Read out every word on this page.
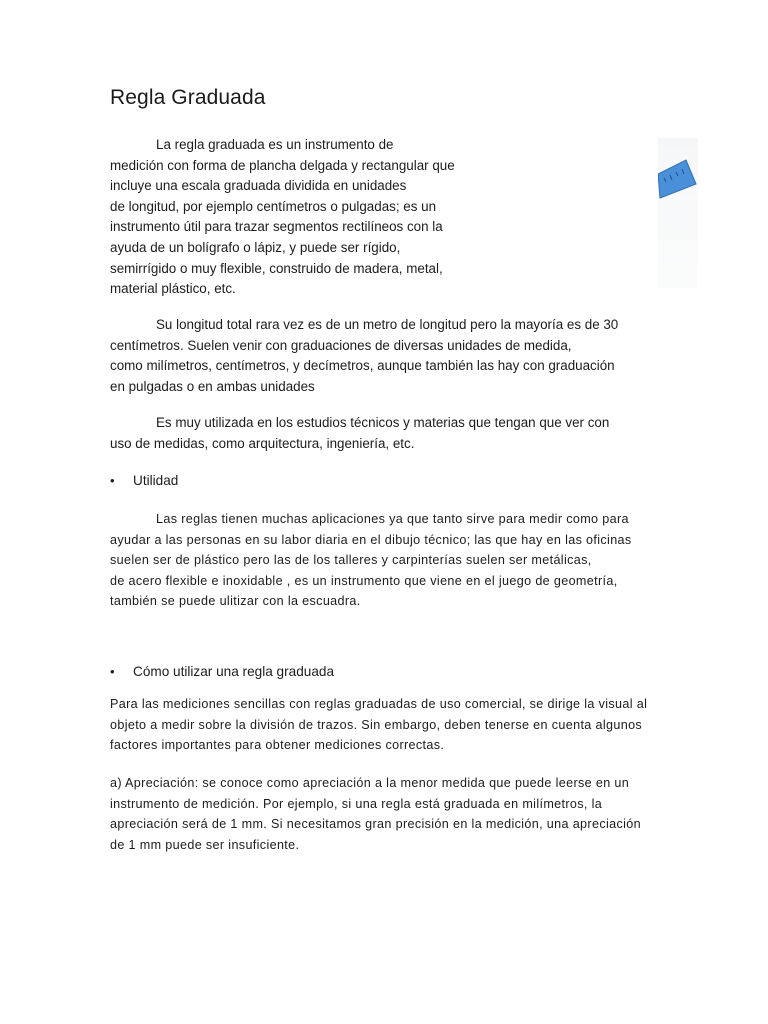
Regla Graduada
La regla graduada es un instrumento de
medición con forma de plancha delgada y rectangular que
incluye una escala graduada dividida en unidades
de longitud, por ejemplo centímetros o pulgadas; es un
instrumento útil para trazar segmentos rectilíneos con la
ayuda de un bolígrafo o lápiz, y puede ser rígido,
semirrígido o muy flexible, construido de madera, metal,
material plástico, etc.
Su longitud total rara vez es de un metro de longitud pero la mayoría es de 30
centímetros. Suelen venir con graduaciones de diversas unidades de medida,
como milímetros, centímetros, y decímetros, aunque también las hay con graduación
en pulgadas o en ambas unidades
Es muy utilizada en los estudios técnicos y materias que tengan que ver con
uso de medidas, como arquitectura, ingeniería, etc.
• Utilidad
Las reglas tienen muchas aplicaciones ya que tanto sirve para medir como para
ayudar a las personas en su labor diaria en el dibujo técnico; las que hay en las oficinas
suelen ser de plástico pero las de los talleres y carpinterías suelen ser metálicas,
de acero flexible e inoxidable , es un instrumento que viene en el juego de geometría,
también se puede ulitizar con la escuadra.
• Cómo utilizar una regla graduada
Para las mediciones sencillas con reglas graduadas de uso comercial, se dirige la visual al
objeto a medir sobre la división de trazos. Sin embargo, deben tenerse en cuenta algunos
factores importantes para obtener mediciones correctas.
a) Apreciación: se conoce como apreciación a la menor medida que puede leerse en un
instrumento de medición. Por ejemplo, si una regla está graduada en milímetros, la
apreciación será de 1 mm. Si necesitamos gran precisión en la medición, una apreciación
de 1 mm puede ser insuficiente.
